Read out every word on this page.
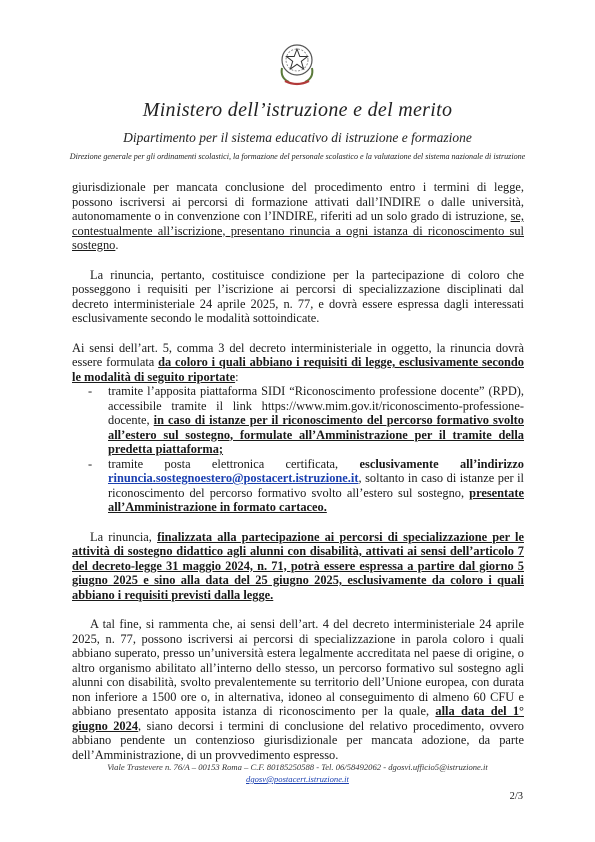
Ministero dell’istruzione e del merito
Dipartimento per il sistema educativo di istruzione e formazione
Direzione generale per gli ordinamenti scolastici, la formazione del personale scolastico e la valutazione del sistema nazionale di istruzione

giurisdizionale per mancata conclusione del procedimento entro i termini di legge, possono iscriversi ai percorsi di formazione attivati dall’INDIRE o dalle università, autonomamente o in convenzione con l’INDIRE, riferiti ad un solo grado di istruzione, se, contestualmente all’iscrizione, presentano rinuncia a ogni istanza di riconoscimento sul sostegno.

La rinuncia, pertanto, costituisce condizione per la partecipazione di coloro che posseggono i requisiti per l’iscrizione ai percorsi di specializzazione disciplinati dal decreto interministeriale 24 aprile 2025, n. 77, e dovrà essere espressa dagli interessati esclusivamente secondo le modalità sottoindicate.

Ai sensi dell’art. 5, comma 3 del decreto interministeriale in oggetto, la rinuncia dovrà essere formulata da coloro i quali abbiano i requisiti di legge, esclusivamente secondo le modalità di seguito riportate:

- tramite l’apposita piattaforma SIDI “Riconoscimento professione docente” (RPD), accessibile tramite il link https://www.mim.gov.it/riconoscimento-professione-docente, in caso di istanze per il riconoscimento del percorso formativo svolto all’estero sul sostegno, formulate all’Amministrazione per il tramite della predetta piattaforma;
- tramite posta elettronica certificata, esclusivamente all’indirizzo rinuncia.sostegnoestero@postacert.istruzione.it, soltanto in caso di istanze per il riconoscimento del percorso formativo svolto all’estero sul sostegno, presentate all’Amministrazione in formato cartaceo.

La rinuncia, finalizzata alla partecipazione ai percorsi di specializzazione per le attività di sostegno didattico agli alunni con disabilità, attivati ai sensi dell’articolo 7 del decreto-legge 31 maggio 2024, n. 71, potrà essere espressa a partire dal giorno 5 giugno 2025 e sino alla data del 25 giugno 2025, esclusivamente da coloro i quali abbiano i requisiti previsti dalla legge.

A tal fine, si rammenta che, ai sensi dell’art. 4 del decreto interministeriale 24 aprile 2025, n. 77, possono iscriversi ai percorsi di specializzazione in parola coloro i quali abbiano superato, presso un’università estera legalmente accreditata nel paese di origine, o altro organismo abilitato all’interno dello stesso, un percorso formativo sul sostegno agli alunni con disabilità, svolto prevalentemente su territorio dell’Unione europea, con durata non inferiore a 1500 ore o, in alternativa, idoneo al conseguimento di almeno 60 CFU e abbiano presentato apposita istanza di riconoscimento per la quale, alla data del 1° giugno 2024, siano decorsi i termini di conclusione del relativo procedimento, ovvero abbiano pendente un contenzioso giurisdizionale per mancata adozione, da parte dell’Amministrazione, di un provvedimento espresso.

Viale Trastevere n. 76/A – 00153 Roma – C.F. 80185250588 - Tel. 06/58492062 - dgosvi.ufficio5@istruzione.it
dgosv@postacert.istruzione.it
2/3
